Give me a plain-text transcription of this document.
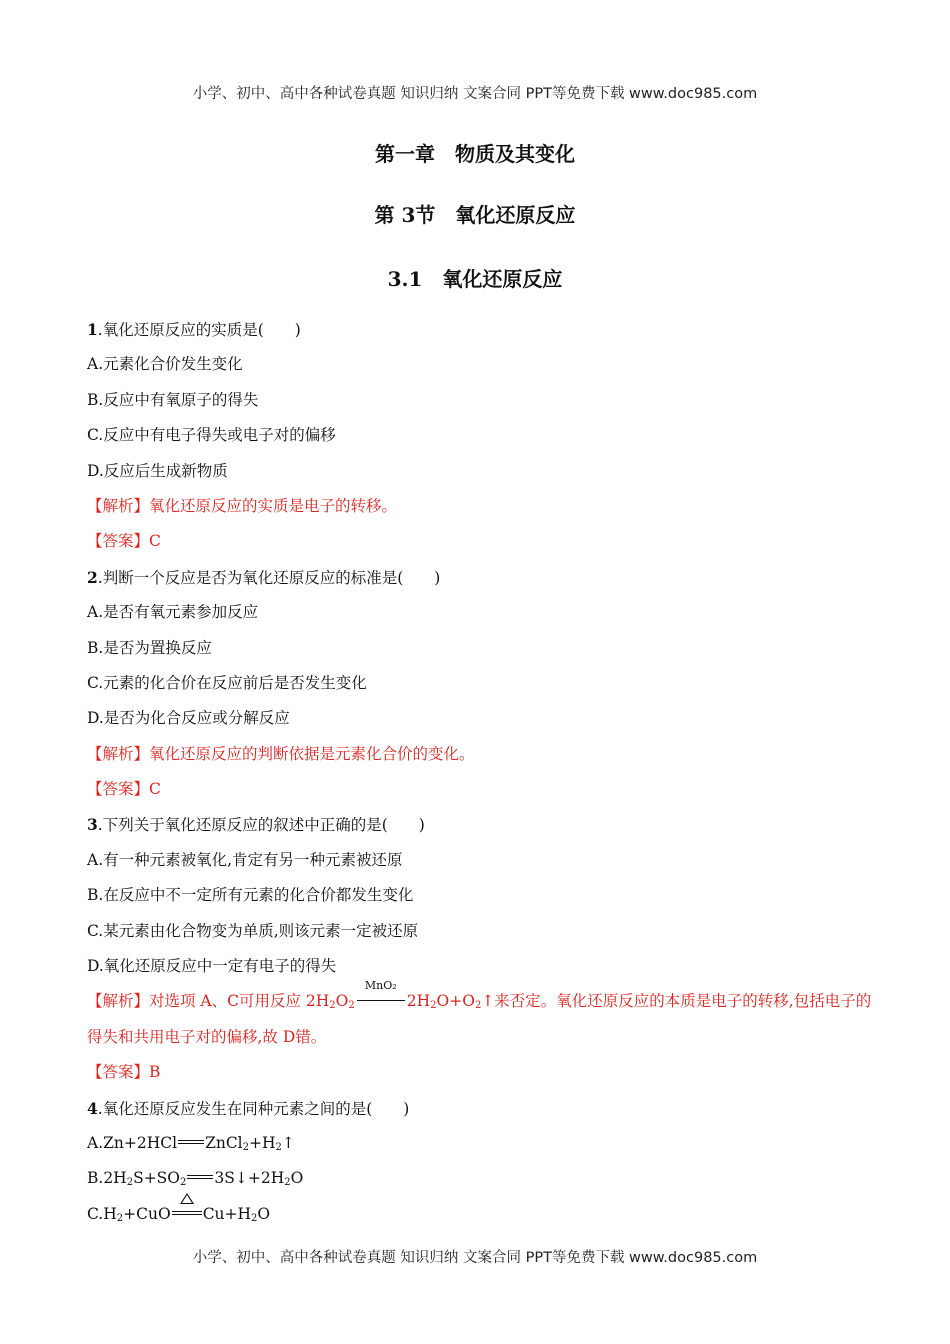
小学、初中、高中各种试卷真题 知识归纳 文案合同 PPT等免费下载 www.doc985.com
第一章　物质及其变化
第 3节　氧化还原反应
3.1　氧化还原反应
1.氧化还原反应的实质是(　　)
A.元素化合价发生变化
B.反应中有氧原子的得失
C.反应中有电子得失或电子对的偏移
D.反应后生成新物质
【解析】氧化还原反应的实质是电子的转移。
【答案】C
2.判断一个反应是否为氧化还原反应的标准是(　　)
A.是否有氧元素参加反应
B.是否为置换反应
C.元素的化合价在反应前后是否发生变化
D.是否为化合反应或分解反应
【解析】氧化还原反应的判断依据是元素化合价的变化。
【答案】C
3.下列关于氧化还原反应的叙述中正确的是(　　)
A.有一种元素被氧化,肯定有另一种元素被还原
B.在反应中不一定所有元素的化合价都发生变化
C.某元素由化合物变为单质,则该元素一定被还原
D.氧化还原反应中一定有电子的得失
【解析】对选项 A、C可用反应 $2H_2O_2$
MnO₂
$2H_2O+O_2↑$来否定。氧化还原反应的本质是电子的转移,包括电子的得失和共用电子对的偏移,故 D错。
【答案】B
4.氧化还原反应发生在同种元素之间的是(　　)
A.Zn+2HCl $ZnCl_2+H_2↑$
$B.2H_2S+SO_2$ $3S↓+2H_2O$
$C.H_2+CuO$ $Cu+H_2O$
小学、初中、高中各种试卷真题 知识归纳 文案合同 PPT等免费下载 www.doc985.com
